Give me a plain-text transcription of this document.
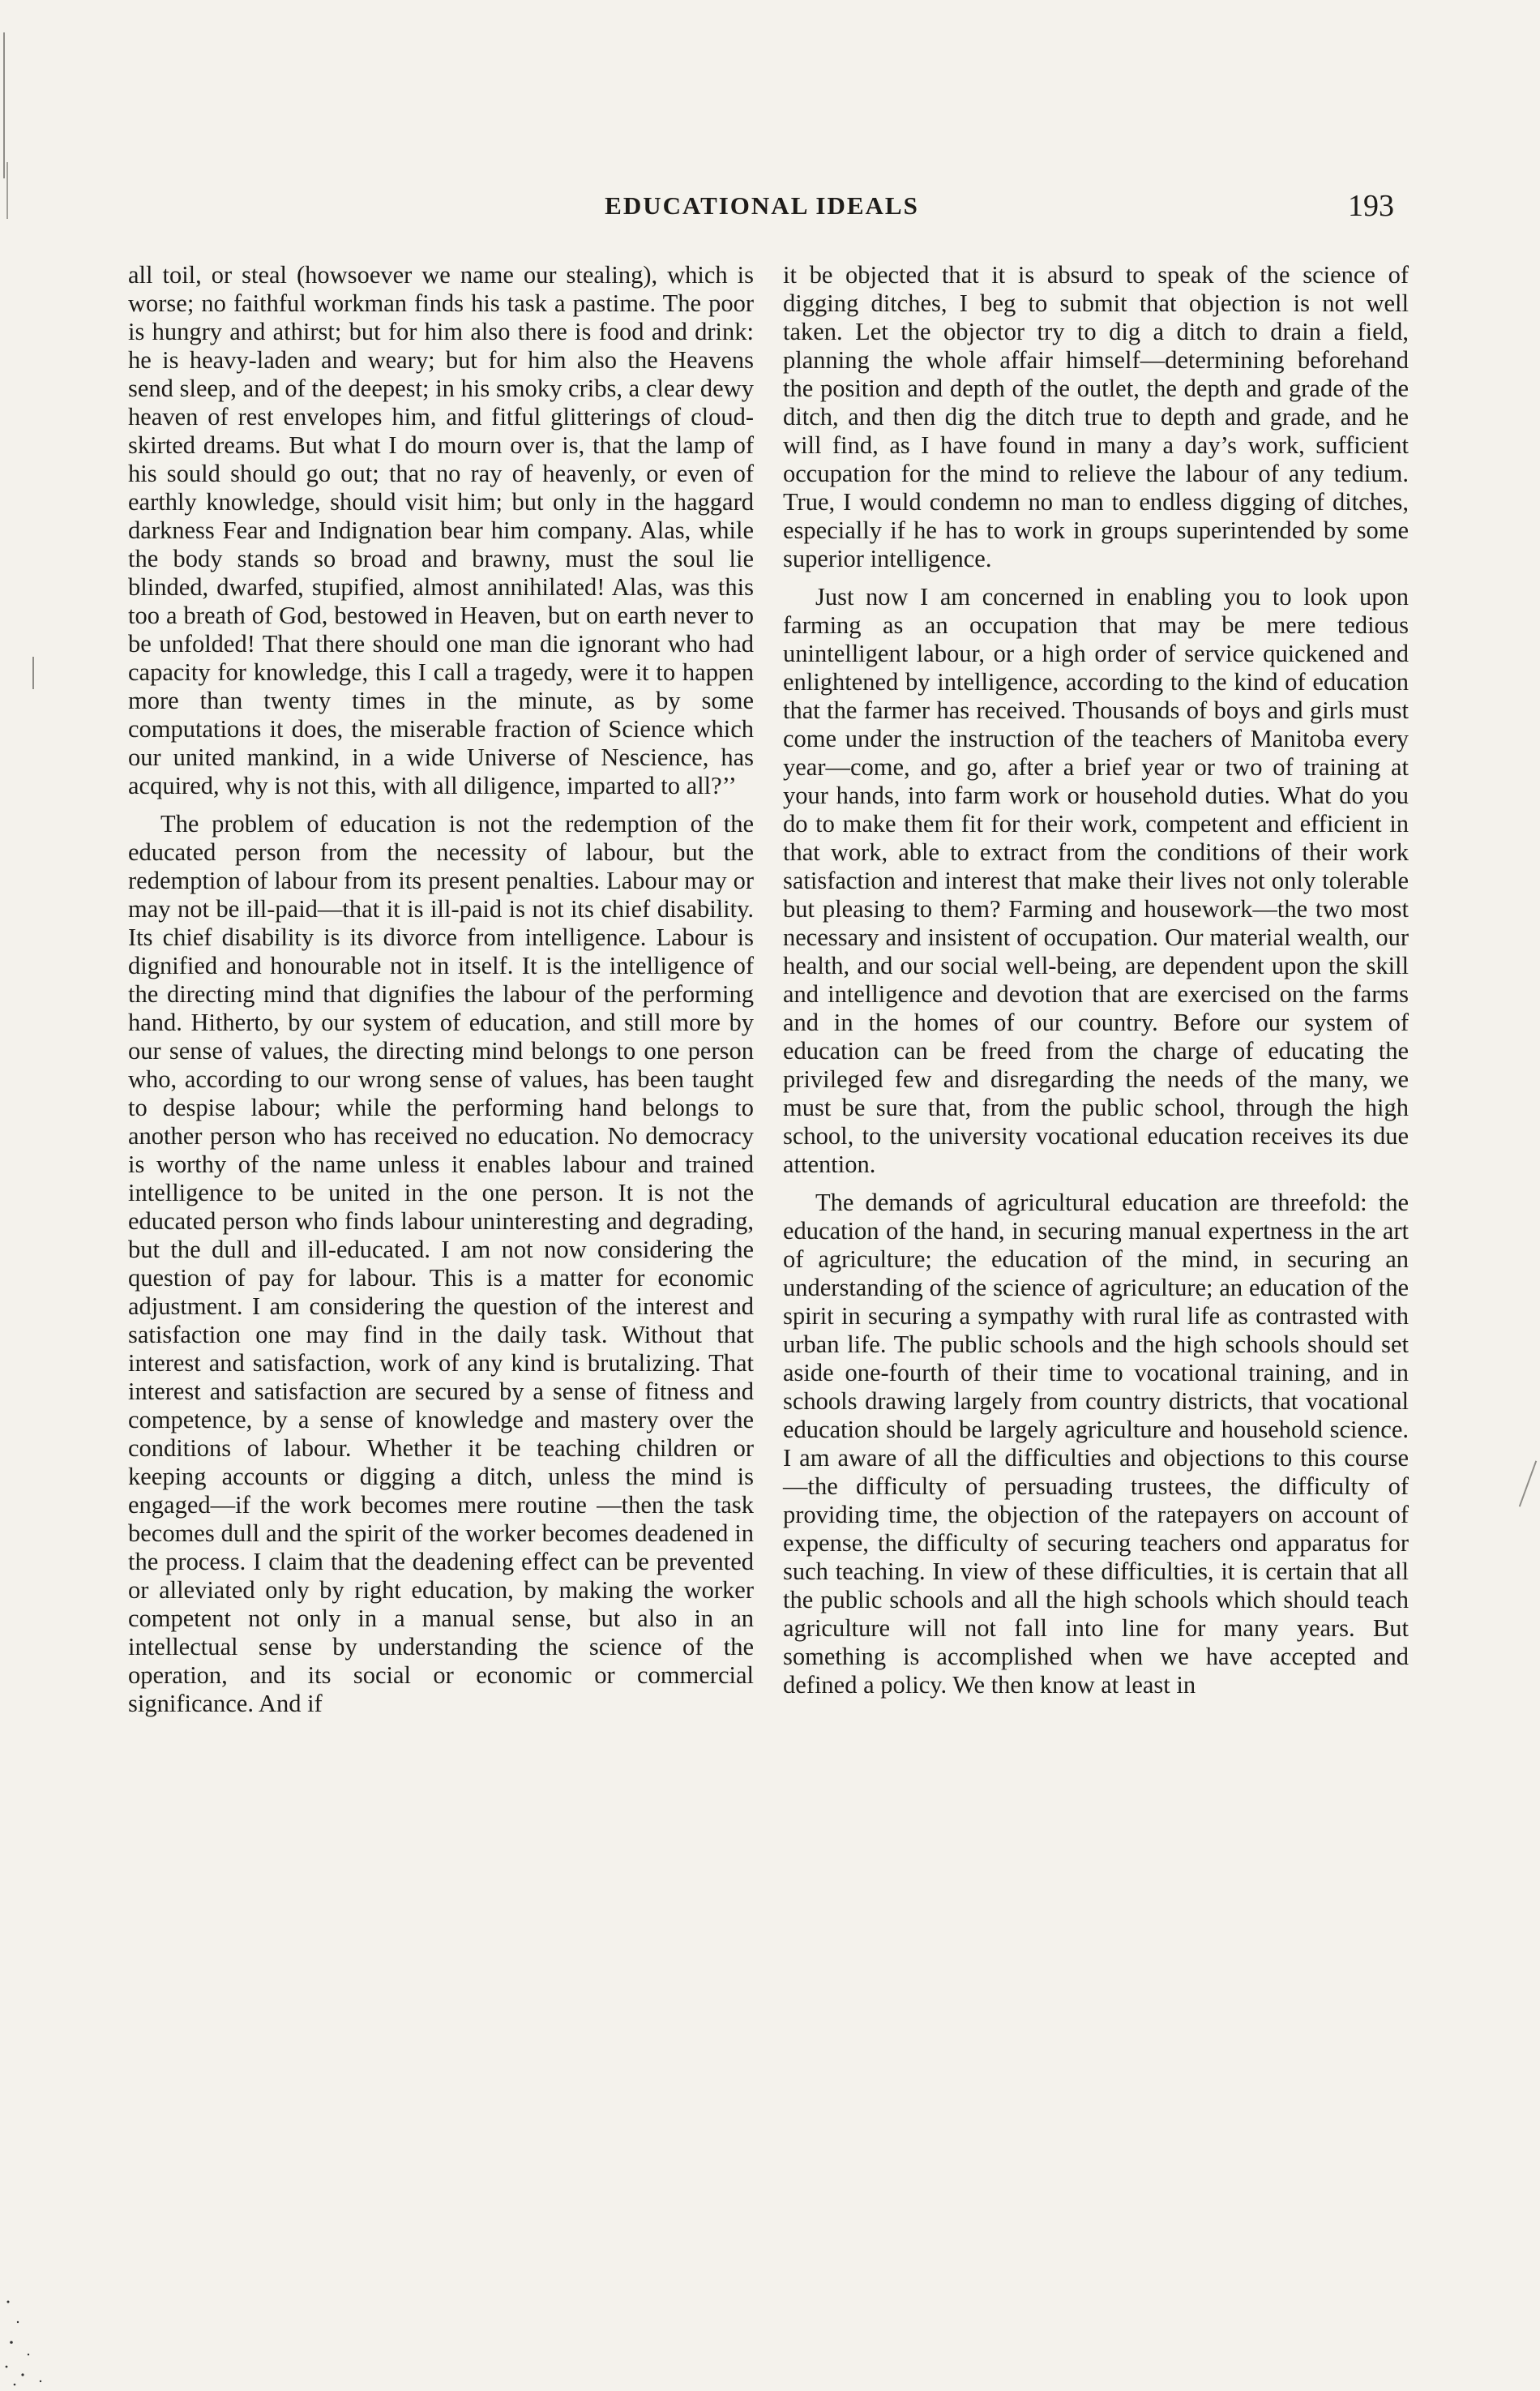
EDUCATIONAL IDEALS	193

all toil, or steal (howsoever we name our stealing), which is worse; no faithful workman finds his task a pastime. The poor is hungry and athirst; but for him also there is food and drink: he is heavy-laden and weary; but for him also the Heavens send sleep, and of the deepest; in his smoky cribs, a clear dewy heaven of rest envelopes him, and fitful glitterings of cloud-skirted dreams. But what I do mourn over is, that the lamp of his sould should go out; that no ray of heavenly, or even of earthly knowledge, should visit him; but only in the haggard darkness Fear and Indignation bear him company. Alas, while the body stands so broad and brawny, must the soul lie blinded, dwarfed, stupified, almost annihilated! Alas, was this too a breath of God, bestowed in Heaven, but on earth never to be unfolded! That there should one man die ignorant who had capacity for knowledge, this I call a tragedy, were it to happen more than twenty times in the minute, as by some computations it does, the miserable fraction of Science which our united mankind, in a wide Universe of Nescience, has acquired, why is not this, with all diligence, imparted to all?’’

The problem of education is not the redemption of the educated person from the necessity of labour, but the redemption of labour from its present penalties. Labour may or may not be ill-paid—that it is ill-paid is not its chief disability. Its chief disability is its divorce from intelligence. Labour is dignified and honourable not in itself. It is the intelligence of the directing mind that dignifies the labour of the performing hand. Hitherto, by our system of education, and still more by our sense of values, the directing mind belongs to one person who, according to our wrong sense of values, has been taught to despise labour; while the performing hand belongs to another person who has received no education. No democracy is worthy of the name unless it enables labour and trained intelligence to be united in the one person. It is not the educated person who finds labour uninteresting and degrading, but the dull and ill-educated. I am not now considering the question of pay for labour. This is a matter for economic adjustment. I am considering the question of the interest and satisfaction one may find in the daily task. Without that interest and satisfaction, work of any kind is brutalizing. That interest and satisfaction are secured by a sense of fitness and competence, by a sense of knowledge and mastery over the conditions of labour. Whether it be teaching children or keeping accounts or digging a ditch, unless the mind is engaged—if the work becomes mere routine —then the task becomes dull and the spirit of the worker becomes deadened in the process. I claim that the deadening effect can be prevented or alleviated only by right education, by making the worker competent not only in a manual sense, but also in an intellectual sense by understanding the science of the operation, and its social or economic or commercial significance. And if

it be objected that it is absurd to speak of the science of digging ditches, I beg to submit that objection is not well taken. Let the objector try to dig a ditch to drain a field, planning the whole affair himself—determining beforehand the position and depth of the outlet, the depth and grade of the ditch, and then dig the ditch true to depth and grade, and he will find, as I have found in many a day’s work, sufficient occupation for the mind to relieve the labour of any tedium. True, I would condemn no man to endless digging of ditches, especially if he has to work in groups superintended by some superior intelligence.

Just now I am concerned in enabling you to look upon farming as an occupation that may be mere tedious unintelligent labour, or a high order of service quickened and enlightened by intelligence, according to the kind of education that the farmer has received. Thousands of boys and girls must come under the instruction of the teachers of Manitoba every year—come, and go, after a brief year or two of training at your hands, into farm work or household duties. What do you do to make them fit for their work, competent and efficient in that work, able to extract from the conditions of their work satisfaction and interest that make their lives not only tolerable but pleasing to them? Farming and housework—the two most necessary and insistent of occupation. Our material wealth, our health, and our social well-being, are dependent upon the skill and intelligence and devotion that are exercised on the farms and in the homes of our country. Before our system of education can be freed from the charge of educating the privileged few and disregarding the needs of the many, we must be sure that, from the public school, through the high school, to the university vocational education receives its due attention.

The demands of agricultural education are threefold: the education of the hand, in securing manual expertness in the art of agriculture; the education of the mind, in securing an understanding of the science of agriculture; an education of the spirit in securing a sympathy with rural life as contrasted with urban life. The public schools and the high schools should set aside one-fourth of their time to vocational training, and in schools drawing largely from country districts, that vocational education should be largely agriculture and household science. I am aware of all the difficulties and objections to this course—the difficulty of persuading trustees, the difficulty of providing time, the objection of the ratepayers on account of expense, the difficulty of securing teachers ond apparatus for such teaching. In view of these difficulties, it is certain that all the public schools and all the high schools which should teach agriculture will not fall into line for many years. But something is accomplished when we have accepted and defined a policy. We then know at least in
